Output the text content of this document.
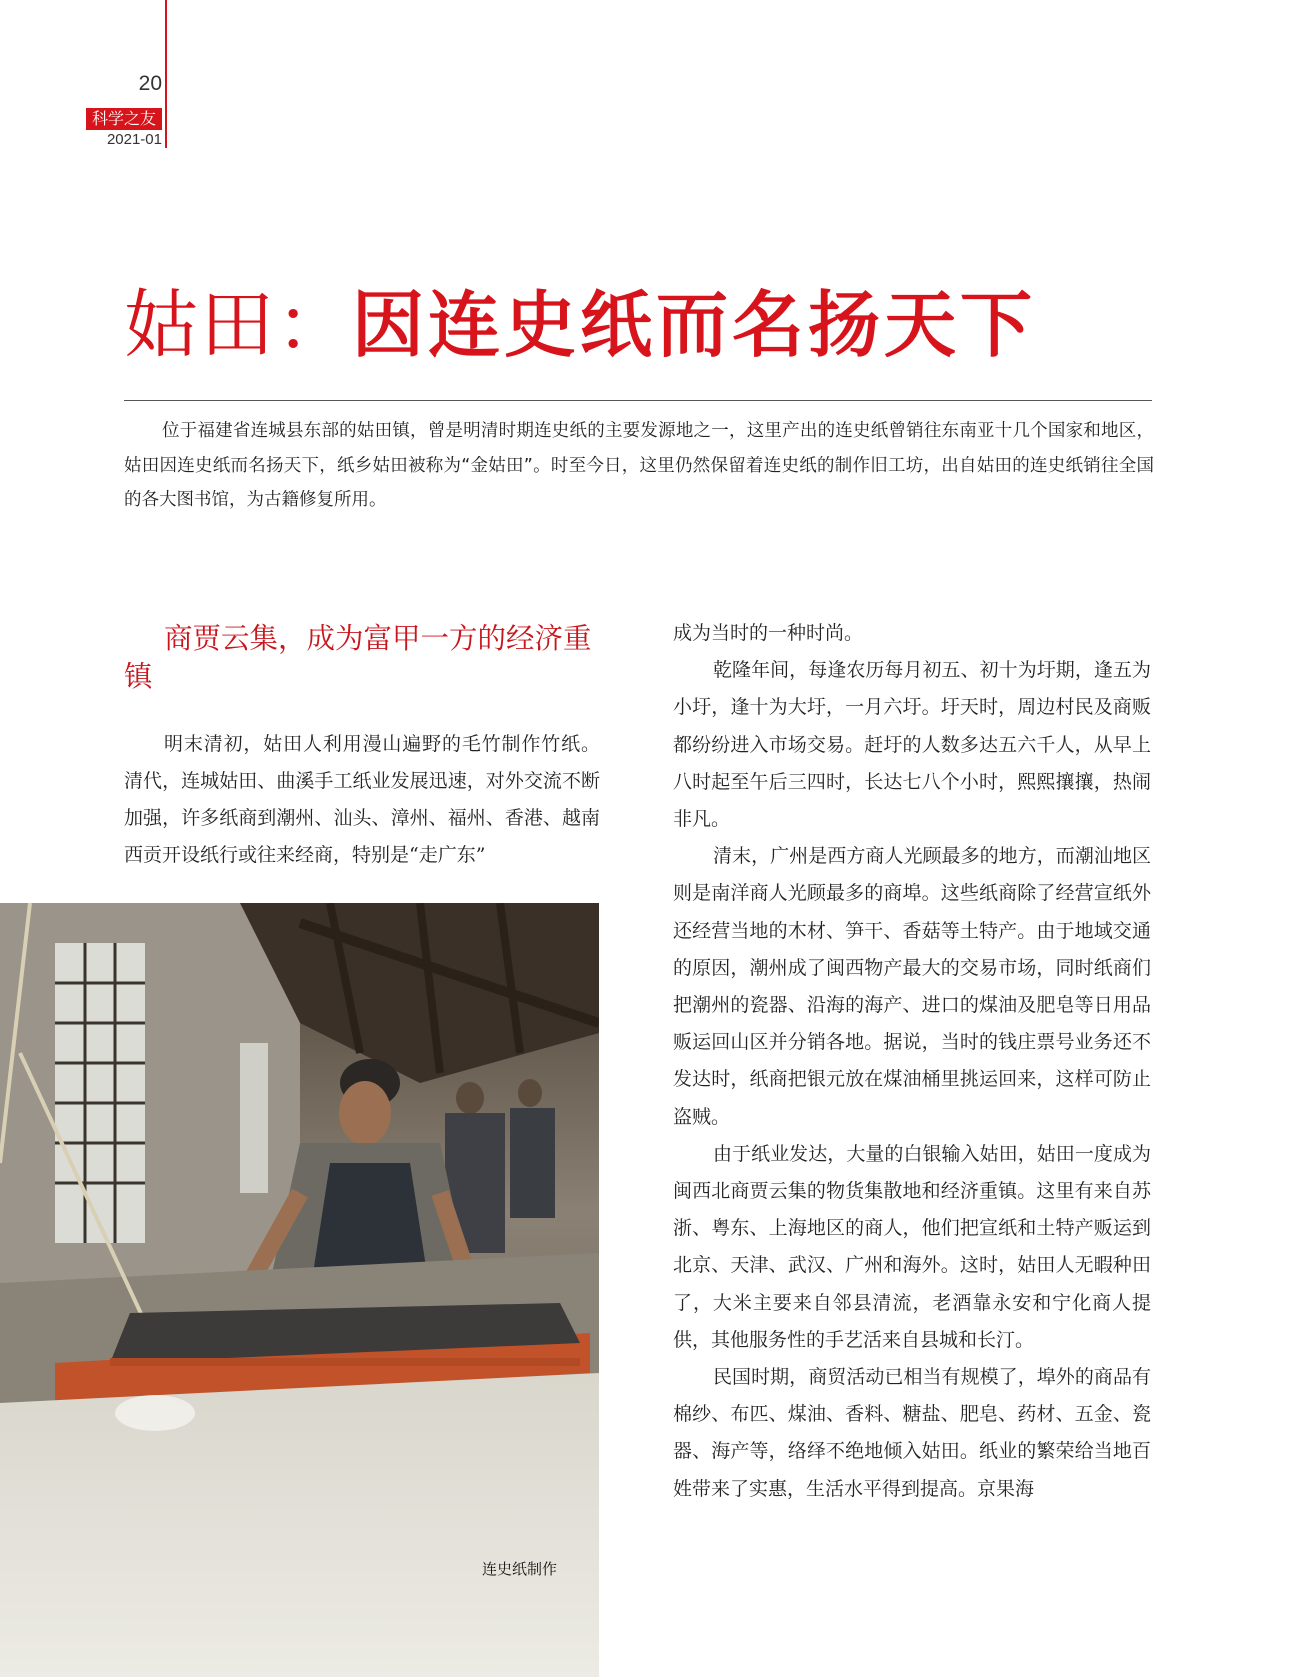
20
科学之友
2021-01
姑田：因连史纸而名扬天下
位于福建省连城县东部的姑田镇，曾是明清时期连史纸的主要发源地之一，这里产出的连史纸曾销往东南亚十几个国家和地区，姑田因连史纸而名扬天下，纸乡姑田被称为“金姑田”。时至今日，这里仍然保留着连史纸的制作旧工坊，出自姑田的连史纸销往全国的各大图书馆，为古籍修复所用。
商贾云集，成为富甲一方的经济重镇
明末清初，姑田人利用漫山遍野的毛竹制作竹纸。清代，连城姑田、曲溪手工纸业发展迅速，对外交流不断加强，许多纸商到潮州、汕头、漳州、福州、香港、越南西贡开设纸行或往来经商，特别是“走广东”
连史纸制作

成为当时的一种时尚。

乾隆年间，每逢农历每月初五、初十为圩期，逢五为小圩，逢十为大圩，一月六圩。圩天时，周边村民及商贩都纷纷进入市场交易。赶圩的人数多达五六千人，从早上八时起至午后三四时，长达七八个小时，熙熙攘攘，热闹非凡。

清末，广州是西方商人光顾最多的地方，而潮汕地区则是南洋商人光顾最多的商埠。这些纸商除了经营宣纸外还经营当地的木材、笋干、香菇等土特产。由于地域交通的原因，潮州成了闽西物产最大的交易市场，同时纸商们把潮州的瓷器、沿海的海产、进口的煤油及肥皂等日用品贩运回山区并分销各地。据说，当时的钱庄票号业务还不发达时，纸商把银元放在煤油桶里挑运回来，这样可防止盗贼。

由于纸业发达，大量的白银输入姑田，姑田一度成为闽西北商贾云集的物货集散地和经济重镇。这里有来自苏浙、粤东、上海地区的商人，他们把宣纸和土特产贩运到北京、天津、武汉、广州和海外。这时，姑田人无暇种田了，大米主要来自邻县清流，老酒靠永安和宁化商人提供，其他服务性的手艺活来自县城和长汀。

民国时期，商贸活动已相当有规模了，埠外的商品有棉纱、布匹、煤油、香料、糖盐、肥皂、药材、五金、瓷器、海产等，络绎不绝地倾入姑田。纸业的繁荣给当地百姓带来了实惠，生活水平得到提高。京果海
